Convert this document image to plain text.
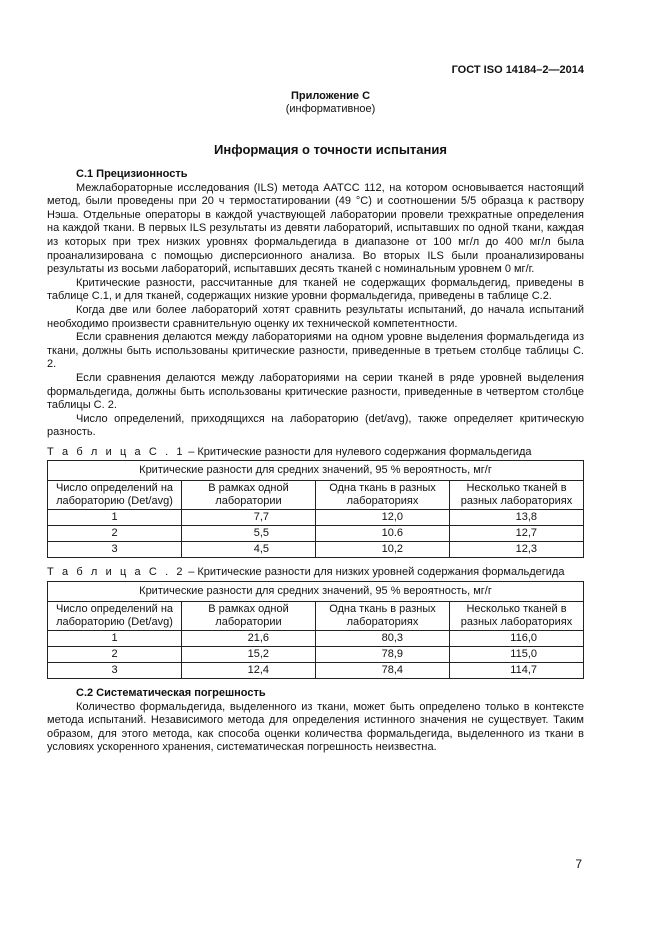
ГОСТ ISO 14184–2—2014
Приложение С
(информативное)
Информация о точности испытания

С.1 Прецизионность

Межлабораторные исследования (ILS) метода AATCC 112, на котором основывается настоящий метод, были проведены при 20 ч термостатировании (49 °С) и соотношении 5/5 образца к раствору Нэша. Отдельные операторы в каждой участвующей лаборатории провели трехкратные определения на каждой ткани. В первых ILS результаты из девяти лабораторий, испытавших по одной ткани, каждая из которых при трех низких уровнях формальдегида в диапазоне от 100 мг/л до 400 мг/л была проанализирована с помощью дисперсионного анализа. Во вторых ILS были проанализированы результаты из восьми лабораторий, испытавших десять тканей с номинальным уровнем 0 мг/г.

Критические разности, рассчитанные для тканей не содержащих формальдегид, приведены в таблице С.1, и для тканей, содержащих низкие уровни формальдегида, приведены в таблице С.2.

Когда две или более лабораторий хотят сравнить результаты испытаний, до начала испытаний необходимо произвести сравнительную оценку их технической компетентности.

Если сравнения делаются между лабораториями на одном уровне выделения формальдегида из ткани, должны быть использованы критические разности, приведенные в третьем столбце таблицы С. 2.

Если сравнения делаются между лабораториями на серии тканей в ряде уровней выделения формальдегида, должны быть использованы критические разности, приведенные в четвертом столбце таблицы С. 2.

Число определений, приходящихся на лабораторию (det/avg), также определяет критическую разность.

Т а б л и ц а С . 1 – Критические разности для нулевого содержания формальдегида

Критические разности для средних значений, 95 % вероятность, мг/г			
Число определений на лабораторию (Det/avg)	В рамках одной лаборатории	Одна ткань в разных лабораториях	Несколько тканей в разных лабораториях
1	7,7	12,0	13,8
2	5,5	10.6	12,7
3	4,5	10,2	12,3

Т а б л и ц а С . 2 – Критические разности для низких уровней содержания формальдегида

Критические разности для средних значений, 95 % вероятность, мг/г			
Число определений на лабораторию (Det/avg)	В рамках одной лаборатории	Одна ткань в разных лабораториях	Несколько тканей в разных лабораториях
1	21,6	80,3	116,0
2	15,2	78,9	115,0
3	12,4	78,4	114,7

С.2 Систематическая погрешность

Количество формальдегида, выделенного из ткани, может быть определено только в контексте метода испытаний. Независимого метода для определения истинного значения не существует. Таким образом, для этого метода, как способа оценки количества формальдегида, выделенного из ткани в условиях ускоренного хранения, систематическая погрешность неизвестна.

7
